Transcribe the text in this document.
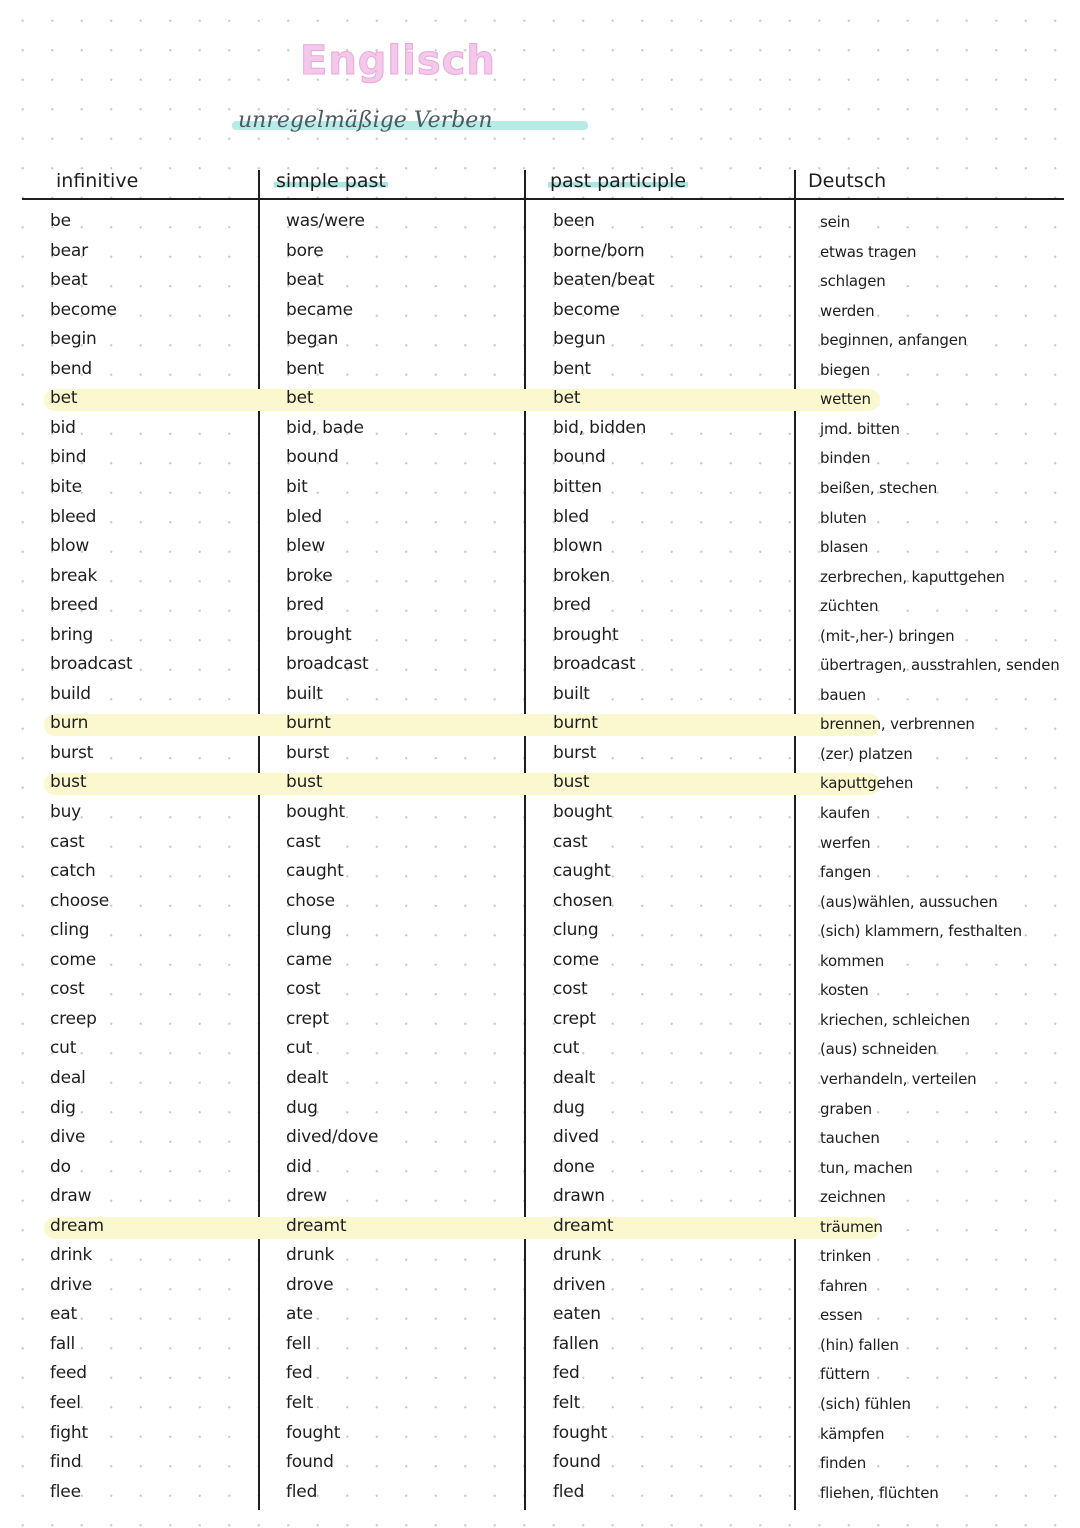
Englisch
unregelmäßige Verben
infinitive	simple past	past participle	Deutsch
be	was/were	been	sein
bear	bore	borne/born	etwas tragen
beat	beat	beaten/beat	schlagen
become	became	become	werden
begin	began	begun	beginnen, anfangen
bend	bent	bent	biegen
bet	bet	bet	wetten
bid	bid, bade	bid, bidden	jmd. bitten
bind	bound	bound	binden
bite	bit	bitten	beißen, stechen
bleed	bled	bled	bluten
blow	blew	blown	blasen
break	broke	broken	zerbrechen, kaputtgehen
breed	bred	bred	züchten
bring	brought	brought	(mit-,her-) bringen
broadcast	broadcast	broadcast	übertragen, ausstrahlen, senden
build	built	built	bauen
burn	burnt	burnt	brennen, verbrennen
burst	burst	burst	(zer) platzen
bust	bust	bust	kaputtgehen
buy	bought	bought	kaufen
cast	cast	cast	werfen
catch	caught	caught	fangen
choose	chose	chosen	(aus)wählen, aussuchen
cling	clung	clung	(sich) klammern, festhalten
come	came	come	kommen
cost	cost	cost	kosten
creep	crept	crept	kriechen, schleichen
cut	cut	cut	(aus) schneiden
deal	dealt	dealt	verhandeln, verteilen
dig	dug	dug	graben
dive	dived/dove	dived	tauchen
do	did	done	tun, machen
draw	drew	drawn	zeichnen
dream	dreamt	dreamt	träumen
drink	drunk	drunk	trinken
drive	drove	driven	fahren
eat	ate	eaten	essen
fall	fell	fallen	(hin) fallen
feed	fed	fed	füttern
feel	felt	felt	(sich) fühlen
fight	fought	fought	kämpfen
find	found	found	finden
flee	fled	fled	fliehen, flüchten
